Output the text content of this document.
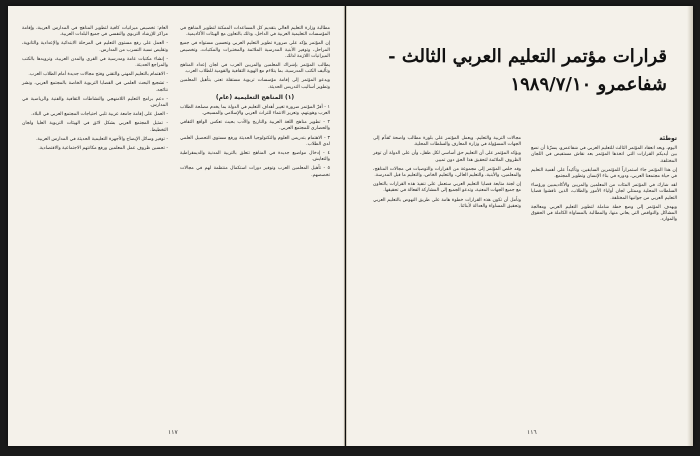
مطالبة وزارة التعليم العالي بتقديم كل المساعدات الممكنة لتطوير المناهج في المؤسسات التعليمية العربية في الداخل، وذلك بالتعاون مع الهيئات الأكاديمية.

إن المؤتمر يؤكد على ضرورة تطوير التعليم العربي وتحسين مستواه في جميع المراحل، وتوفير الأبنية المدرسية الملائمة والمختبرات والمكتبات، وتخصيص الميزانيات اللازمة لذلك.

يطالب المؤتمر بإشراك المعلمين والمربين العرب في لجان إعداد المناهج وتأليف الكتب المدرسية، بما يتلاءم مع الهوية الثقافية والقومية للطلاب العرب.

ويدعو المؤتمر إلى إقامة مؤسسات تربوية مستقلة تعنى بتأهيل المعلمين وتطوير أساليب التدريس الحديثة.

(١) المناهج التعليمية (عام)

١ - أقرّ المؤتمر ضرورة تغيير أهداف التعليم في الدولة بما يخدم مصلحة الطلاب العرب وهويتهم، وتعزيز الانتماء للتراث العربي والإسلامي والمسيحي.

٢ - تطوير مناهج اللغة العربية والتاريخ والأدب بحيث تعكس الواقع الثقافي والحضاري للمجتمع العربي.

٣ - الاهتمام بتدريس العلوم والتكنولوجيا الحديثة ورفع مستوى التحصيل العلمي لدى الطلاب.

٤ - إدخال مواضيع جديدة في المناهج تتعلق بالتربية المدنية والديمقراطية والتعايش.

٥ - تأهيل المعلمين العرب وتوفير دورات استكمال منتظمة لهم في مجالات تخصصهم.

العام: تخصيص ميزانيات كافية لتطوير المناهج في المدارس العربية، وإقامة مراكز للإرشاد التربوي والنفسي في جميع البلدات العربية.

- العمل على رفع مستوى التعليم في المرحلة الابتدائية والإعدادية والثانوية، وتقليص نسبة التسرب من المدارس.

- إنشاء مكتبات عامة ومدرسية في القرى والمدن العربية، وتزويدها بالكتب والمراجع الحديثة.

- الاهتمام بالتعليم المهني والتقني وفتح مجالات جديدة أمام الطلاب العرب.

- تشجيع البحث العلمي في القضايا التربوية الخاصة بالمجتمع العربي، ونشر نتائجه.

- دعم برامج التعليم اللامنهجي والنشاطات الثقافية والفنية والرياضية في المدارس.

- العمل على إقامة جامعة عربية تلبي احتياجات المجتمع العربي في البلاد.

- تمثيل المجتمع العربي بشكل لائق في الهيئات التربوية العليا ولجان التخطيط.

- توفير وسائل الإيضاح والأجهزة التعليمية الحديثة في المدارس العربية.

- تحسين ظروف عمل المعلمين ورفع مكانتهم الاجتماعية والاقتصادية.

١١٧
قرارات مؤتمر التعليم العربي الثالث -
شفاعمرو ١٩٨٩/٧/١٠
توطئة

اليوم، وبعد انعقاد المؤتمر الثالث للتعليم العربي في شفاعمرو، يسرّنا أن نضع بين أيديكم القرارات التي اتخذها المؤتمر بعد نقاش مستفيض في اللجان المختلفة.

إن هذا المؤتمر جاء استمراراً للمؤتمرين السابقين، وتأكيداً على أهمية التعليم في حياة مجتمعنا العربي، ودوره في بناء الإنسان وتطوير المجتمع.

لقد شارك في المؤتمر المئات من المعلمين والمربين والأكاديميين ورؤساء السلطات المحلية وممثلي لجان أولياء الأمور والطلاب، الذين ناقشوا قضايا التعليم العربي من جوانبها المختلفة.

ويهدف المؤتمر إلى وضع خطة شاملة لتطوير التعليم العربي ومعالجة المشاكل والنواقص التي يعاني منها، والمطالبة بالمساواة الكاملة في الحقوق والموارد.

مجالات التربية والتعليم. ويعمل المؤتمر على بلورة مطالب واضحة تُقدَّم إلى الجهات المسؤولة في وزارة المعارف والسلطات المحلية.

ويؤكد المؤتمر على أن التعليم حق أساسي لكل طفل، وأن على الدولة أن توفر الظروف الملائمة لتحقيق هذا الحق دون تمييز.

وقد خلص المؤتمر إلى مجموعة من القرارات والتوصيات في مجالات المناهج، والمعلمين، والأبنية، والتعليم العالي، والتعليم الخاص، والتعليم ما قبل المدرسة.

إن لجنة متابعة قضايا التعليم العربي ستعمل على تنفيذ هذه القرارات بالتعاون مع جميع الجهات المعنية، وتدعو الجميع إلى المشاركة الفعالة في تحقيقها.

ونأمل أن تكون هذه القرارات خطوة هامة على طريق النهوض بالتعليم العربي وتحقيق المساواة والعدالة لأبنائنا.

١١٦
